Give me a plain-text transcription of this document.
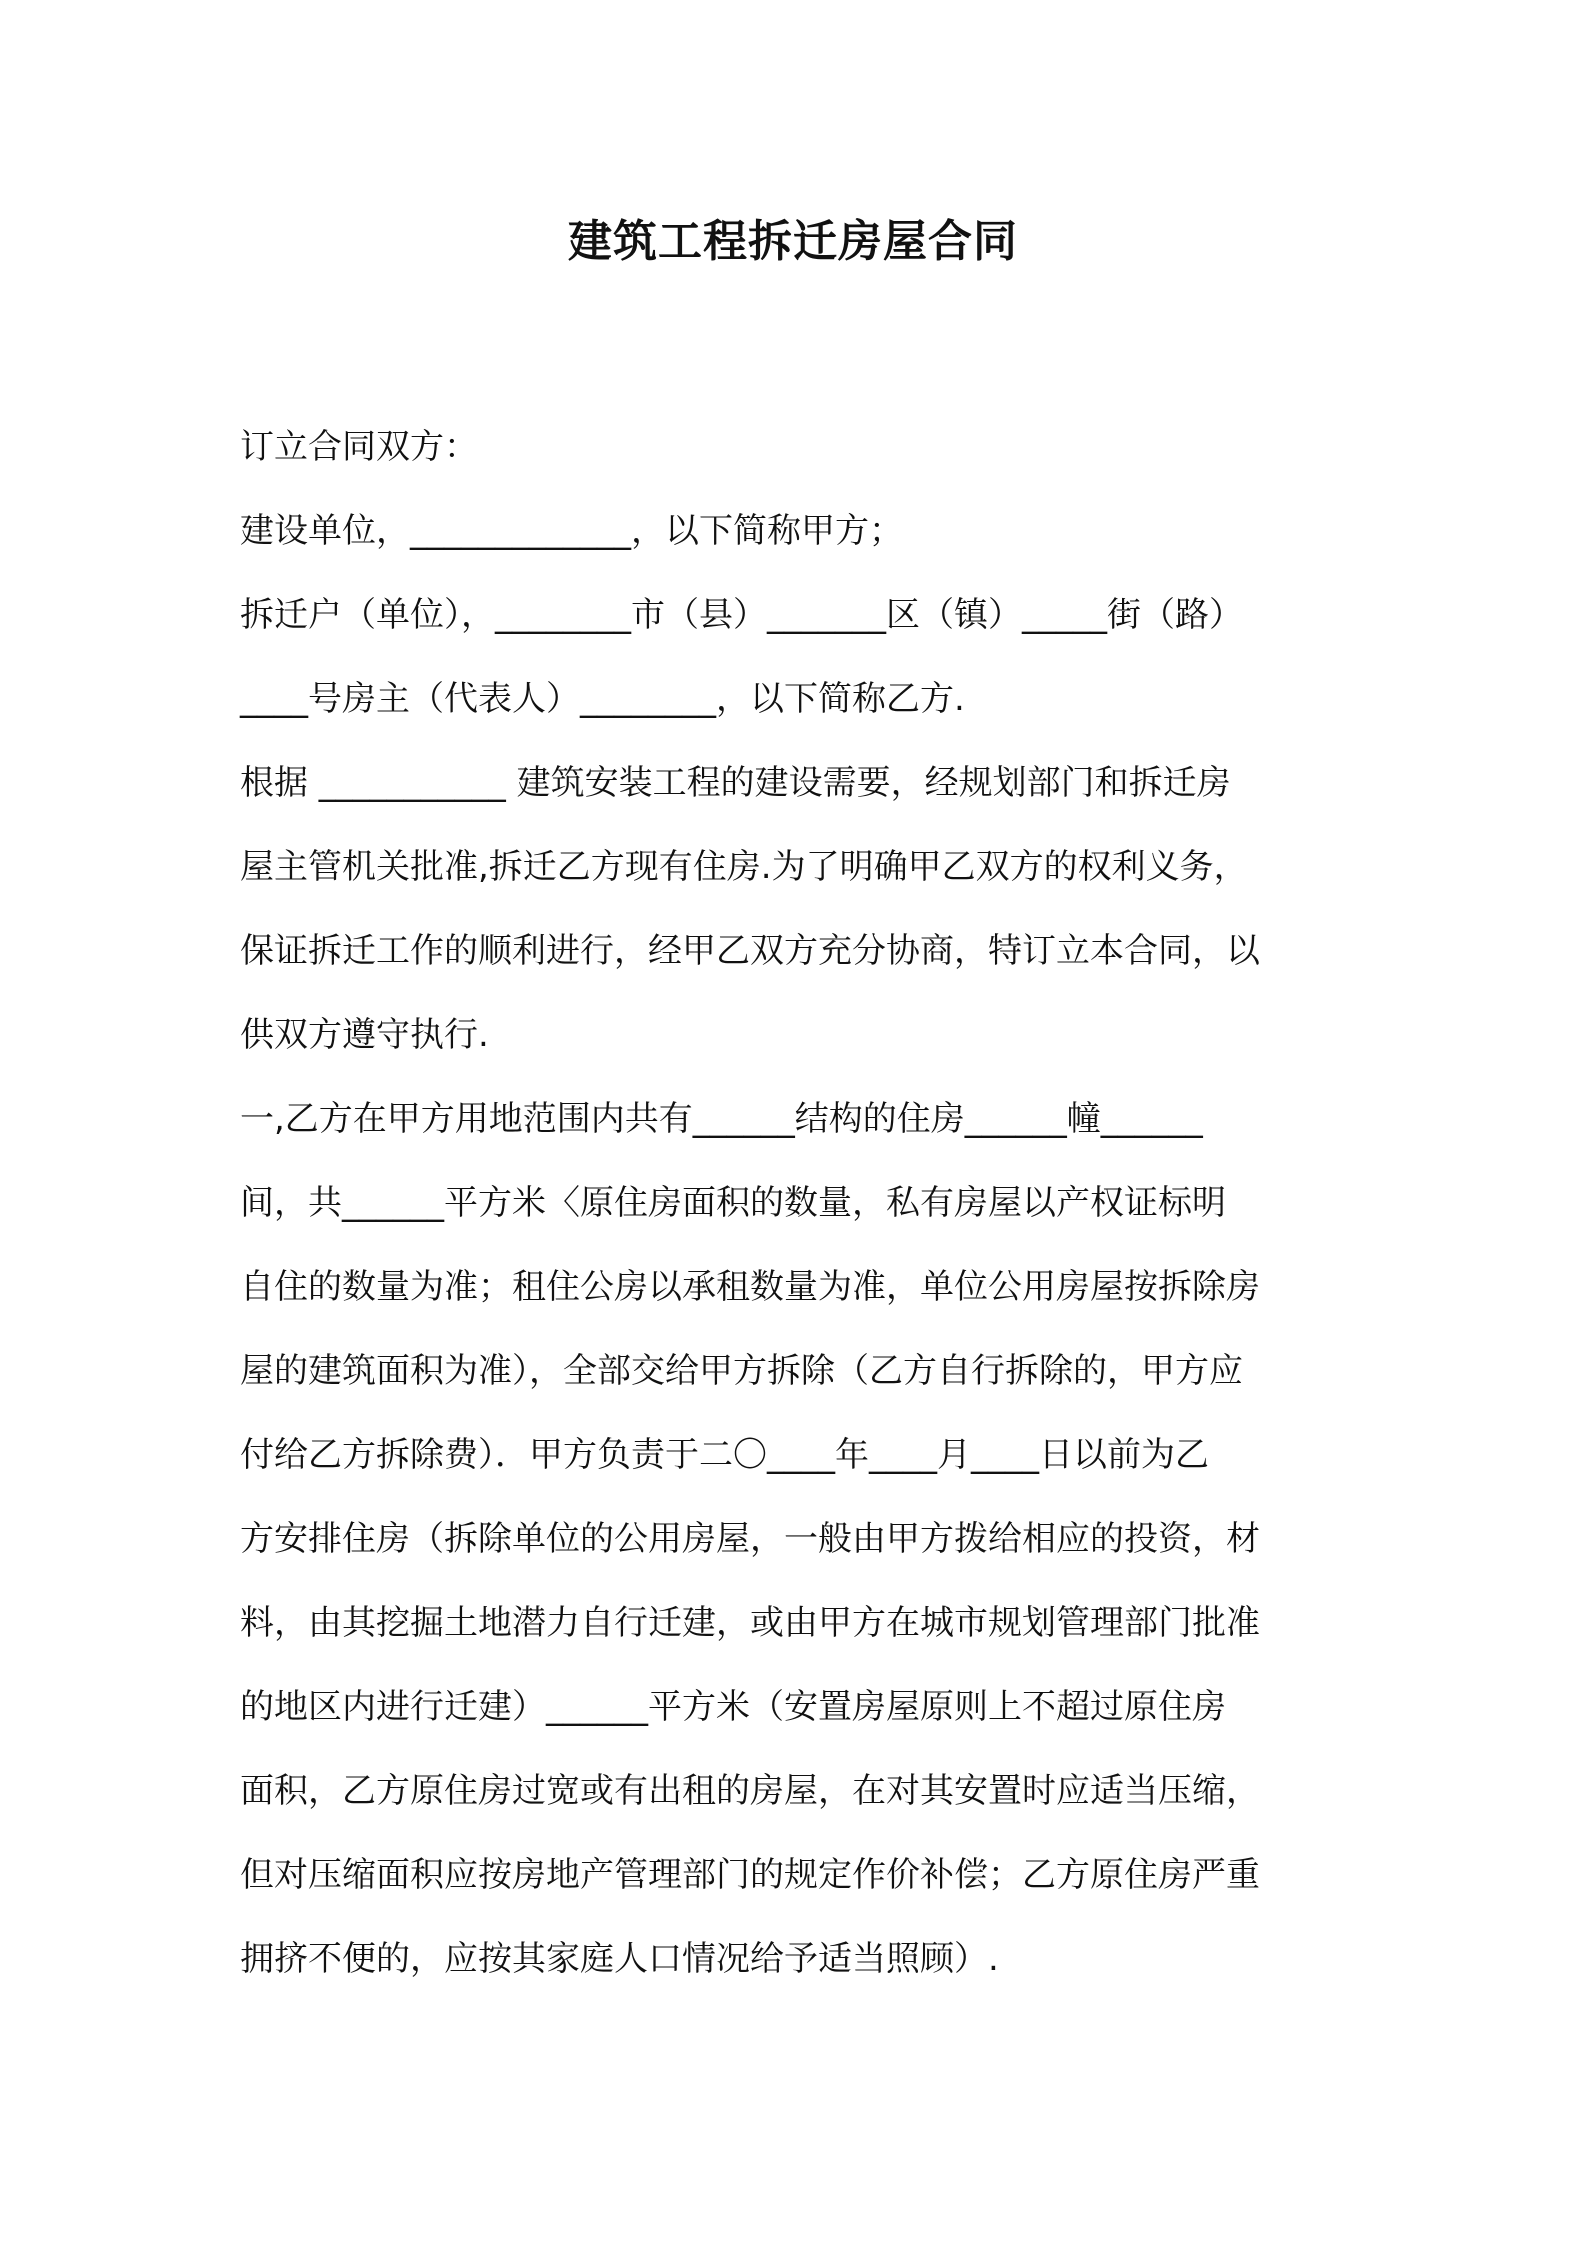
建筑工程拆迁房屋合同
订立合同双方：
建设单位，_____________，以下简称甲方；
拆迁户（单位），________市（县）_______区（镇）_____街（路）
____号房主（代表人）________，以下简称乙方.
根据 ___________ 建筑安装工程的建设需要，经规划部门和拆迁房
屋主管机关批准,拆迁乙方现有住房.为了明确甲乙双方的权利义务，
保证拆迁工作的顺利进行，经甲乙双方充分协商，特订立本合同，以
供双方遵守执行.
一,乙方在甲方用地范围内共有______结构的住房______幢______
间，共______平方米〈原住房面积的数量，私有房屋以产权证标明
自住的数量为准；租住公房以承租数量为准，单位公用房屋按拆除房
屋的建筑面积为准），全部交给甲方拆除（乙方自行拆除的，甲方应
付给乙方拆除费）．甲方负责于二〇____年____月____日以前为乙
方安排住房（拆除单位的公用房屋，一般由甲方拨给相应的投资，材
料，由其挖掘土地潜力自行迁建，或由甲方在城市规划管理部门批准
的地区内进行迁建）______平方米（安置房屋原则上不超过原住房
面积，乙方原住房过宽或有出租的房屋，在对其安置时应适当压缩，
但对压缩面积应按房地产管理部门的规定作价补偿；乙方原住房严重
拥挤不便的，应按其家庭人口情况给予适当照顾）.
